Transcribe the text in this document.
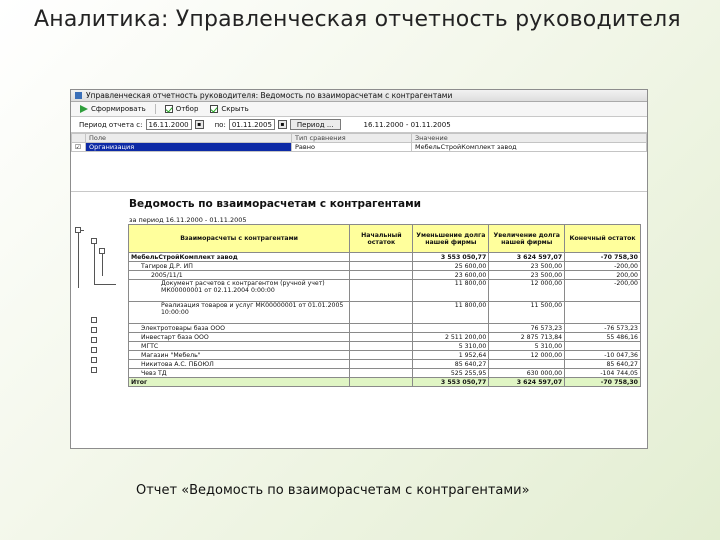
Аналитика: Управленческая отчетность руководителя
Управленческая отчетность руководителя: Ведомость по взаиморасчетам с контрагентами
Сформировать	Отбор	Скрыть
Период отчета с: 16.11.2000	▪	по: 01.11.2005	▪	Период ...	16.11.2000 - 01.11.2005
	Поле	Тип сравнения	Значение
☑	Организация	Равно	МебельСтройКомплект завод
Ведомость по взаиморасчетам с контрагентами
за период 16.11.2000 - 01.11.2005
Взаиморасчеты с контрагентами	Начальный остаток	Уменьшение долга нашей фирмы	Увеличение долга нашей фирмы	Конечный остаток
МебельСтройКомплект завод		3 553 050,77	3 624 597,07	-70 758,30
Тагиров Д.Р. ИП		25 600,00	23 500,00	-200,00
2005/11/1		23 600,00	23 500,00	200,00
Документ расчетов с контрагентом (ручной учет) МК00000001 от 02.11.2004 0:00:00		11 800,00	12 000,00	-200,00
Реализация товаров и услуг МК00000001 от 01.01.2005 10:00:00		11 800,00	11 500,00	
Электротовары база ООО			76 573,23	-76 573,23
Инвестарт база ООО		2 511 200,00	2 875 713,84	55 486,16
МГТС		5 310,00	5 310,00	
Магазин "Мебель"		1 952,64	12 000,00	-10 047,36
Никитова А.С. ПБОЮЛ		85 640,27		85 640,27
Чевз ТД		525 255,95	630 000,00	-104 744,05
Итог		3 553 050,77	3 624 597,07	-70 758,30
Отчет «Ведомость по взаиморасчетам с контрагентами»
